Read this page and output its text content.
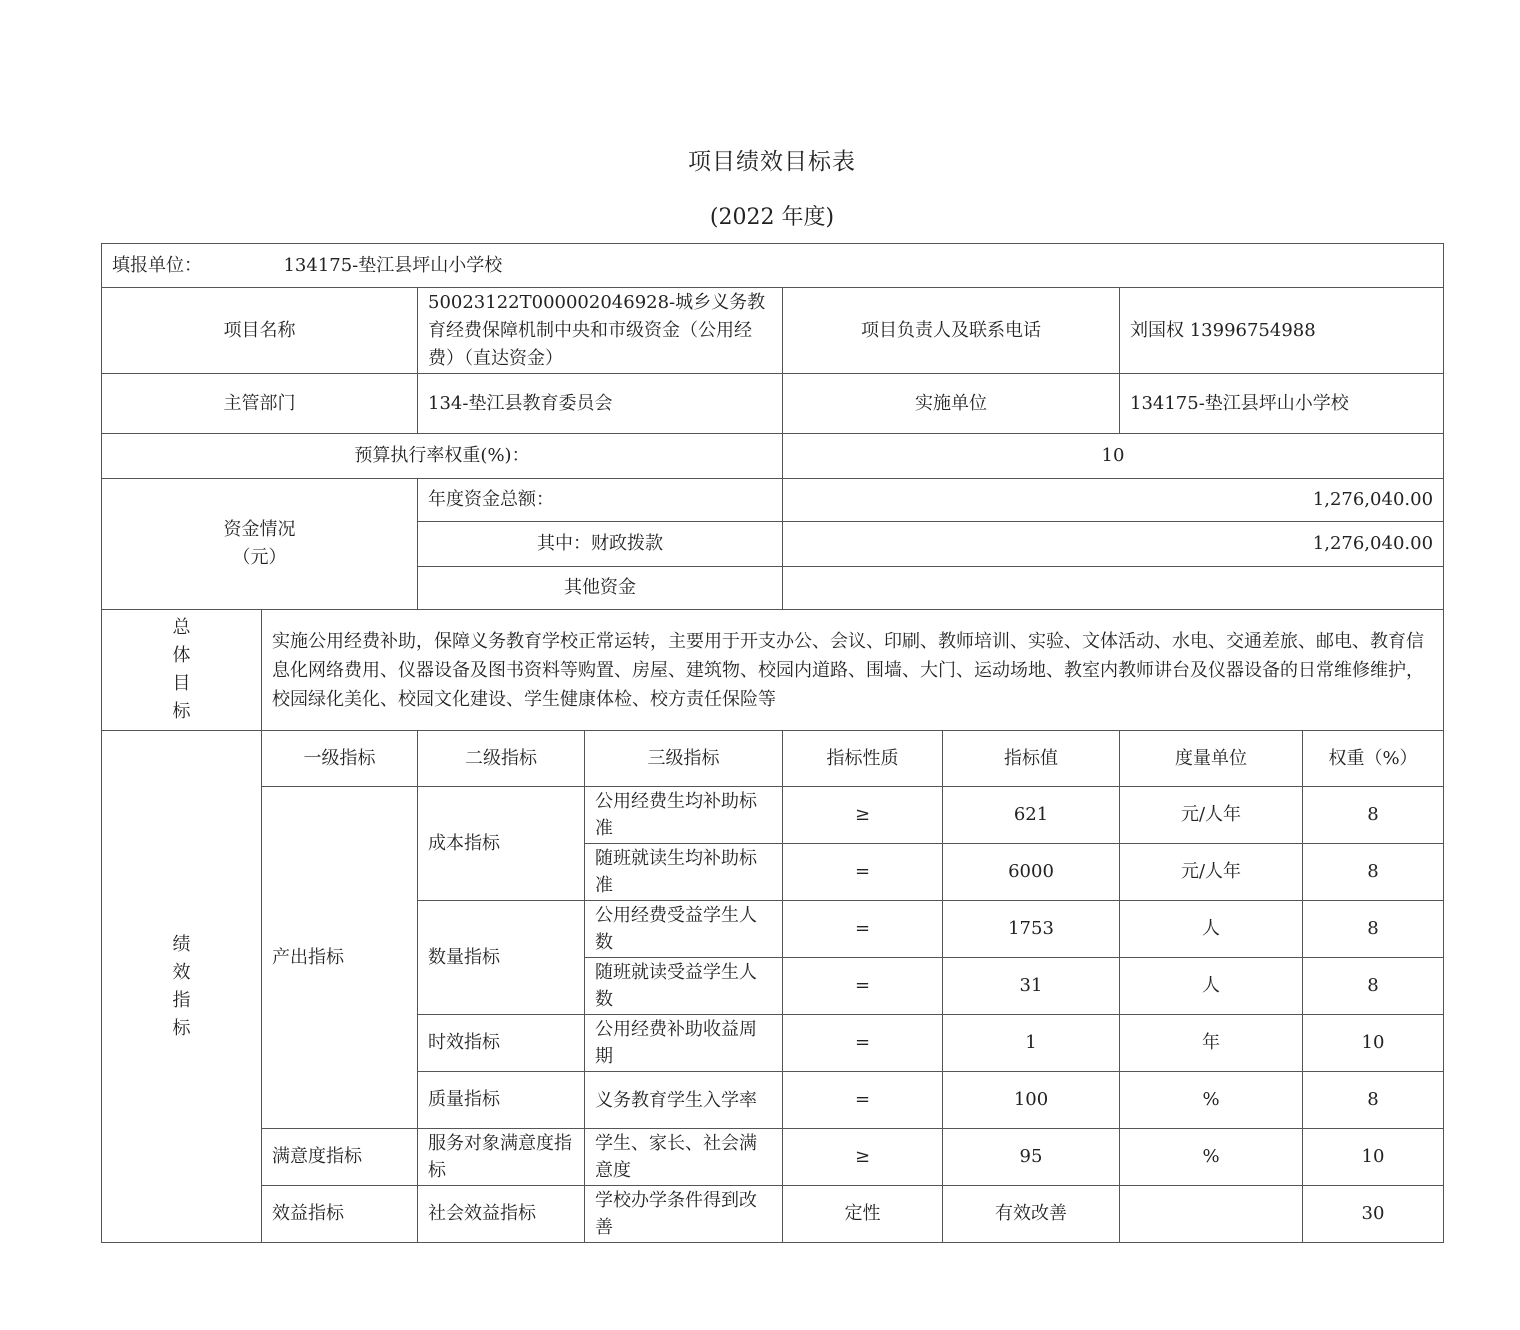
项目绩效目标表
(2022 年度)
填报单位： 134175-垫江县坪山小学校							
项目名称		50023122T000002046928-城乡义务教育经费保障机制中央和市级资金（公用经费）（直达资金）		项目负责人及联系电话		刘国权 13996754988	
主管部门		134-垫江县教育委员会		实施单位		134175-垫江县坪山小学校	
预算执行率权重(%)：				10			

资金情况
（元）		年度资金总额：		1,276,040.00			
		其中：财政拨款		1,276,040.00			
		其他资金					
总
体
目
标	实施公用经费补助，保障义务教育学校正常运转，主要用于开支办公、会议、印刷、教师培训、实验、文体活动、水电、交通差旅、邮电、教育信息化网络费用、仪器设备及图书资料等购置、房屋、建筑物、校园内道路、围墙、大门、运动场地、教室内教师讲台及仪器设备的日常维修维护，校园绿化美化、校园文化建设、学生健康体检、校方责任保险等						
绩
效
指
标	一级指标	二级指标	三级指标	指标性质	指标值	度量单位	权重（%）
	产出指标	成本指标	公用经费生均补助标准	≥	621	元/人年	8
			随班就读生均补助标准	=	6000	元/人年	8
		数量指标	公用经费受益学生人数	=	1753	人	8
			随班就读受益学生人数	=	31	人	8
		时效指标	公用经费补助收益周期	=	1	年	10
		质量指标	义务教育学生入学率	=	100	%	8
	满意度指标	服务对象满意度指标	学生、家长、社会满意度	≥	95	%	10
	效益指标	社会效益指标	学校办学条件得到改善	定性	有效改善		30
